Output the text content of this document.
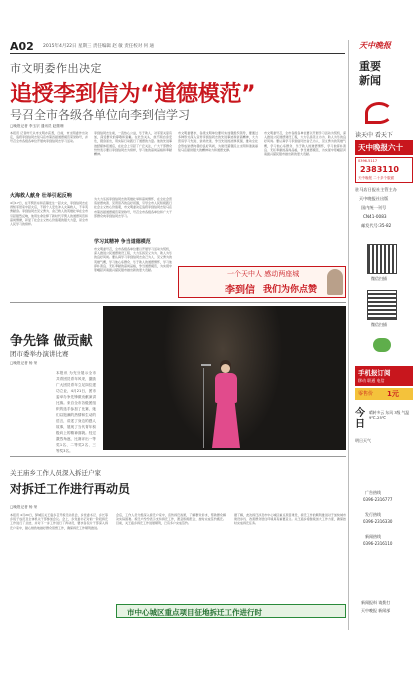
A02 2015年4月22日 星期三 责任编辑 赵 敏 责任校对 何 通
市文明委作出决定
追授李到信为“道德模范”
号召全市各级各单位向李到信学习
□晚报记者 李玉宗 通讯员 赵继珊
本报讯 记者昨天从市文明办获悉，日前，市文明委作出决定，追授李到信同志驻马店市第四届道德模范荣誉称号，并号召全市各级各单位开展向李到信同志学习活动。
火海救人献身 壮举引起反响
4月17日，在平舆县东和店镇发生一起火灾，李到信同志在得知邻居家中起火后，不顾个人安危冲入火海救人，不幸英勇献身。李到信同志见义勇为、舍己救人的英雄壮举在全市引起强烈反响，他用生命诠释了新时代平舆人的道德风范和高尚情操，彰显了社会主义核心价值观的强大力量，是全市人民学习的榜样。
李到信同志生前，一直热心公益，乐于助人，对邻里关爱有加，深受群众的尊敬和爱戴。在危急关头，他不顾自身安危，挺身而出，用实际行动践行了道德的力量。他的先进事迹经媒体报道后，在社会上引起了广泛关注，广大干部群众纷纷表示要以李到信同志为榜样，学习他的高尚品格和奉献精神。
为大力弘扬李到信同志的英雄壮举和高尚情怀，在全社会营造崇德向善、见贤思齐的良好氛围，引导全市人民积极践行社会主义核心价值观，市文明委决定追授李到信同志驻马店市第四届道德模范荣誉称号，号召全市各级各单位和广大干部群众向李到信同志学习。
学习其精神 争当道德模范
市文明委号召，全市各级各单位要以开展学习活动为契机，深入推进公民道德建设工程，大力弘扬见义为为、助人为乐的良好风尚。要认真学习李到信同志舍己为人、见义勇为的英雄气概，学习他心系群众、乐于助人的道德情怀，学习他淳朴善良、无私奉献的高尚品格，争当道德模范，为实现中原崛起河南振兴富民强市做出新的更大贡献。
市文明委要求，各级文明单位要切实加强组织领导，要通过多种形式深入宣传李到信同志的先进事迹和崇高精神，大力营造学习先进、崇尚先进、争当先进的浓厚氛围，推动全社会形成崇德向善的良好风尚，为建设富强民主文明和谐美丽驻马店提供强大的精神动力和道德支撑。
市文明委号召，全市各级各单位要以开展学习活动为契机，深入推进公民道德建设工程，大力弘扬见义为为、助人为乐的良好风尚。要认真学习李到信同志舍己为人、见义勇为的英雄气概，学习他心系群众、乐于助人的道德情怀，学习他淳朴善良、无私奉献的高尚品格，争当道德模范，为实现中原崛起河南振兴富民强市做出新的更大贡献。
一个天中人 感动两座城
李到信 我们为你点赞
争先锋 做贡献
团市委举办演讲比赛
□晚报记者 杨 荣
本报讯 为充分展示全市共青团员青年风采，激励广大团员青年立足岗位建功立业，4月21日，团市委举办争先锋做贡献演讲比赛。来自全市各级团组织的选手参加了比赛，她们以饱满的热情和生动的语言，讲述了身边的感人故事，展现了当代青年积极向上的精神面貌。经过激烈角逐，比赛评出一等奖1名、二等奖2名、三等奖3名。
关王庙乡工作人员深入拆迁户家
对拆迁工作进行再动员
□晚报记者 杨 荣
本报讯 4月20日，驿城区关王庙乡召开拆迁动员会，乡党委书记、乡长等乡班子成员及全体机关干部参加会议。会上，乡党委书记对前一阶段拆迁工作进行了总结，并对下一步工作进行了再动员，要求各包片干部深入拆迁户家中，耐心细致地做好群众思想工作，确保拆迁工作顺利推进。
会后，工作人员分组深入拆迁户家中，宣传拆迁政策，了解群众诉求，帮助群众解决实际困难。拆迁户纷纷表示支持拆迁工作，愿意积极配合，按时完成签约搬迁。目前，关王庙乡拆迁工作进展顺利，已有多户完成签约。
据了解，此次拆迁涉及市中心城区重点项目建设，拆迁工作的顺利推进对于加快城市建设步伐、改善群众居住环境具有重要意义。关王庙乡将继续加大工作力度，确保按时完成拆迁任务。
市中心城区重点项目征地拆迁工作进行时
天中晚报
重要
新闻
读天中 看天下
天中晚报六十
0396-5117
2383110
天中晚报 二十多个版面
驻马店日报社主管主办
天中晚报社出版
国内统一刊号
CN41-0083
邮发代号:35-82
微信扫描
微信扫描
手机报订阅
移动 联通 电信
零售价 1元
今日
晴转多云 东风 3级 气温 9℃-25℃
明日天气
广告热线
0396-2316777
发行热线
0396-2316330
新闻热线
0396-2316110
新闻报料 请拨打
天中晚报 新闻部
